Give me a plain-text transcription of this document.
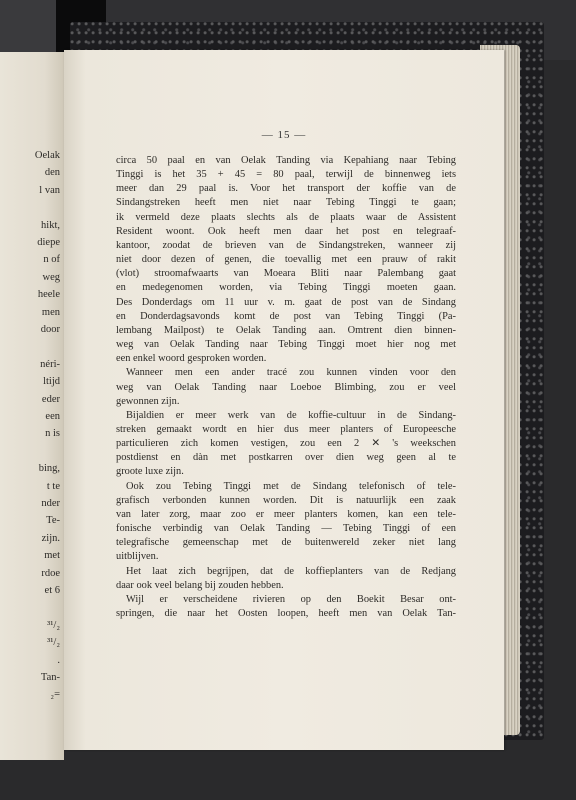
Oelak
den
l van
hikt,
diepe
n of
weg
heele
men
door
néri-
ltijd
eder
een
n is
bing,
t te
nder
Te-
zijn.
met
rdoe
et 6
³¹/₂
³¹/₂
.
Tan-
₂=
— 15 —
circa 50 paal en van Oelak Tanding via Kepahiang naar Tebing
Tinggi is het 35 + 45 = 80 paal, terwijl de binnenweg iets
meer dan 29 paal is. Voor het transport der koffie van de
Sindangstreken heeft men niet naar Tebing Tinggi te gaan;
ik vermeld deze plaats slechts als de plaats waar de Assistent
Resident woont. Ook heeft men daar het post en telegraaf-
kantoor, zoodat de brieven van de Sindangstreken, wanneer zij
niet door dezen of genen, die toevallig met een prauw of rakit
(vlot) stroomafwaarts van Moeara Bliti naar Palembang gaat
en medegenomen worden, via Tebing Tinggi moeten gaan.
Des Donderdags om 11 uur v. m. gaat de post van de Sindang
en Donderdagsavonds komt de post van Tebing Tinggi (Pa-
lembang Mailpost) te Oelak Tanding aan. Omtrent dien binnen-
weg van Oelak Tanding naar Tebing Tinggi moet hier nog met
een enkel woord gesproken worden.
Wanneer men een ander tracé zou kunnen vinden voor den
weg van Oelak Tanding naar Loeboe Blimbing, zou er veel
gewonnen zijn.
Bijaldien er meer werk van de koffie-cultuur in de Sindang-
streken gemaakt wordt en hier dus meer planters of Europeesche
particulieren zich komen vestigen, zou een 2 ✕ 's weekschen
postdienst en dàn met postkarren over dien weg geen al te
groote luxe zijn.
Ook zou Tebing Tinggi met de Sindang telefonisch of tele-
grafisch verbonden kunnen worden. Dit is natuurlijk een zaak
van later zorg, maar zoo er meer planters komen, kan een tele-
fonische verbindig van Oelak Tanding — Tebing Tinggi of een
telegrafische gemeenschap met de buitenwereld zeker niet lang
uitblijven.
Het laat zich begrijpen, dat de koffieplanters van de Redjang
daar ook veel belang bij zouden hebben.
Wijl er verscheidene rivieren op den Boekit Besar ont-
springen, die naar het Oosten loopen, heeft men van Oelak Tan-
